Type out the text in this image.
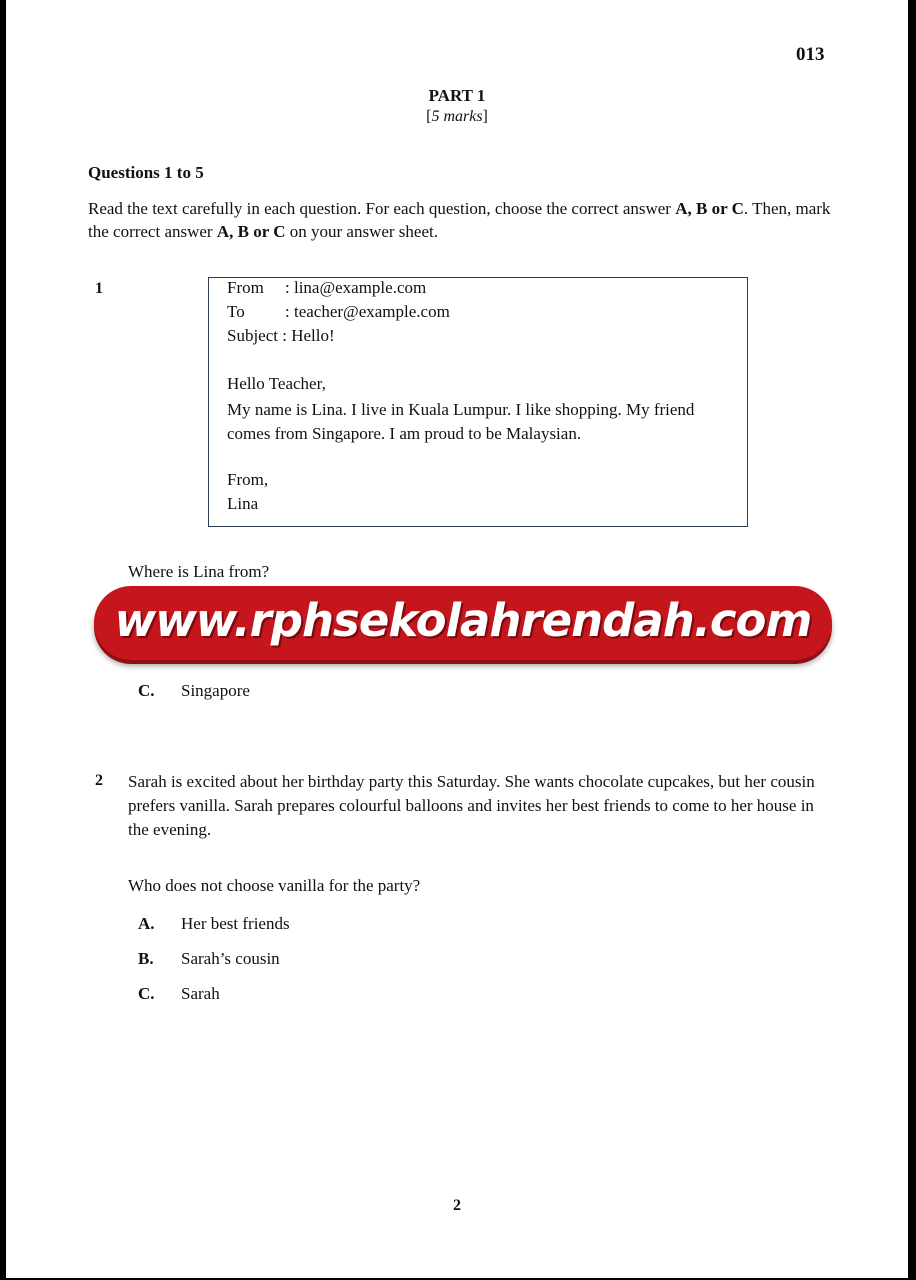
013
PART 1
[5 marks]
Questions 1 to 5
Read the text carefully in each question. For each question, choose the correct answer A, B or C. Then, mark the correct answer A, B or C on your answer sheet.
1	From : lina@example.com
To : teacher@example.com
Subject : Hello!
Hello Teacher,
My name is Lina. I live in Kuala Lumpur. I like shopping. My friend comes from Singapore. I am proud to be Malaysian.
From,
Lina
Where is Lina from?
C. Singapore
www.rphsekolahrendah.com
2 Sarah is excited about her birthday party this Saturday. She wants chocolate cupcakes, but her cousin prefers vanilla. Sarah prepares colourful balloons and invites her best friends to come to her house in the evening.
Who does not choose vanilla for the party?
A. Her best friends
B. Sarah’s cousin
C. Sarah
2
